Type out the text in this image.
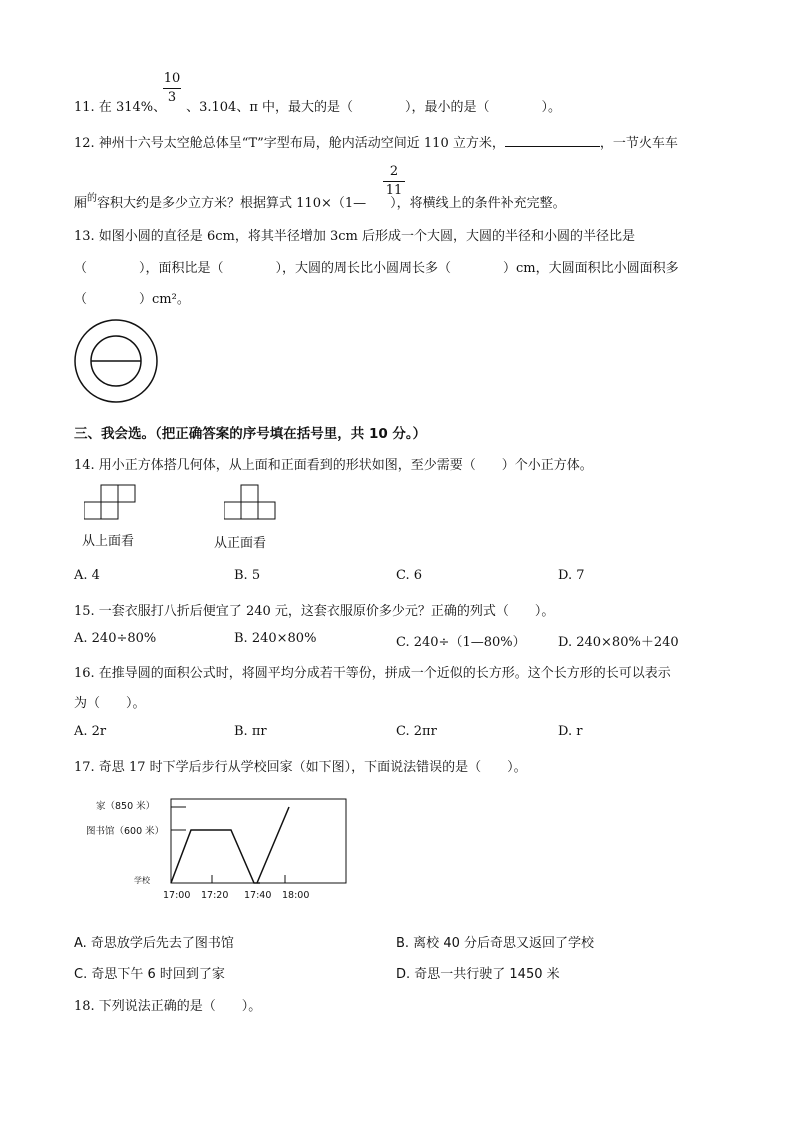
10
3
11. 在 314%、 、3.104、π 中，最大的是（　　　　），最小的是（　　　　）。
12. 神州十六号太空舱总体呈“T”字型布局，舱内活动空间近 110 立方米，	，一节火车车
2
11
厢$^的$容积大约是多少立方米？根据算式 110×（1— ），将横线上的条件补充完整。
13. 如图小圆的直径是 6cm，将其半径增加 3cm 后形成一个大圆，大圆的半径和小圆的半径比是
（　　　　），面积比是（　　　　），大圆的周长比小圆周长多（　　　　）cm，大圆面积比小圆面积多
（　　　　）cm²。
三、我会选。（把正确答案的序号填在括号里，共 10 分。）
14. 用小正方体搭几何体，从上面和正面看到的形状如图，至少需要（　　）个小正方体。
从上面看	从正面看
A. 4	B. 5	C. 6	D. 7
15. 一套衣服打八折后便宜了 240 元，这套衣服原价多少元？正确的列式（　　）。
A. 240÷80%	B. 240×80%	C. 240÷（1—80%） D. 240×80%＋240
16. 在推导圆的面积公式时，将圆平均分成若干等份，拼成一个近似的长方形。这个长方形的长可以表示
为（　　）。
A. 2r	B. πr	C. 2πr	D. r
17. 奇思 17 时下学后步行从学校回家（如下图），下面说法错误的是（　　）。
家（850 米）
图书馆（600 米）
学校
17:00 17:20 17:40 18:00
A. 奇思放学后先去了图书馆	B. 离校 40 分后奇思又返回了学校
C. 奇思下午 6 时回到了家	D. 奇思一共行驶了 1450 米
18. 下列说法正确的是（　　）。
